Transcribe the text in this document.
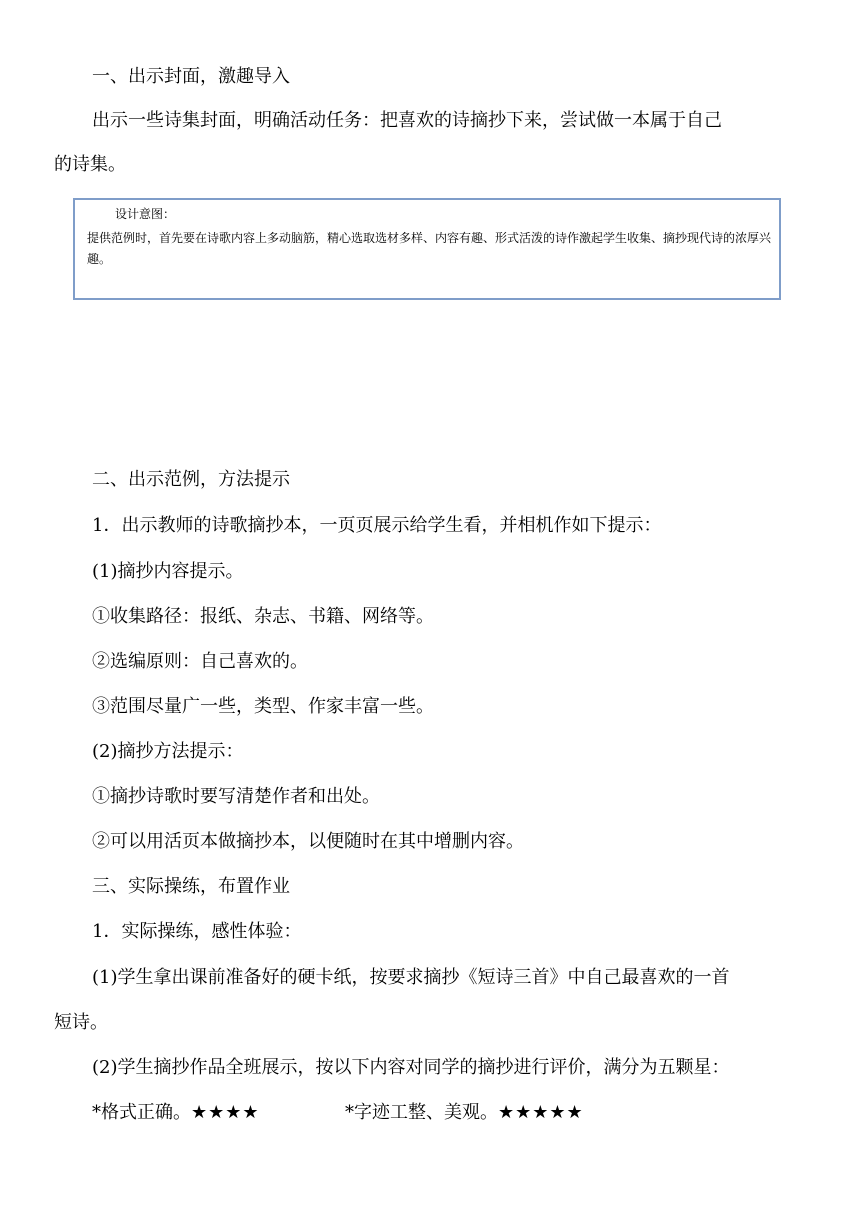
一、出示封面，激趣导入
出示一些诗集封面，明确活动任务：把喜欢的诗摘抄下来，尝试做一本属于自己
的诗集。
设计意图：
提供范例时，首先要在诗歌内容上多动脑筋，精心选取选材多样、内容有趣、形式活泼的诗作激起学生收集、摘抄现代诗的浓厚兴趣。
二、出示范例，方法提示
1．出示教师的诗歌摘抄本，一页页展示给学生看，并相机作如下提示：
(1)摘抄内容提示。
①收集路径：报纸、杂志、书籍、网络等。
②选编原则：自己喜欢的。
③范围尽量广一些，类型、作家丰富一些。
(2)摘抄方法提示：
①摘抄诗歌时要写清楚作者和出处。
②可以用活页本做摘抄本，以便随时在其中增删内容。
三、实际操练，布置作业
1．实际操练，感性体验：
(1)学生拿出课前准备好的硬卡纸，按要求摘抄《短诗三首》中自己最喜欢的一首
短诗。
(2)学生摘抄作品全班展示，按以下内容对同学的摘抄进行评价，满分为五颗星：
*格式正确。★★★★	*字迹工整、美观。★★★★★
